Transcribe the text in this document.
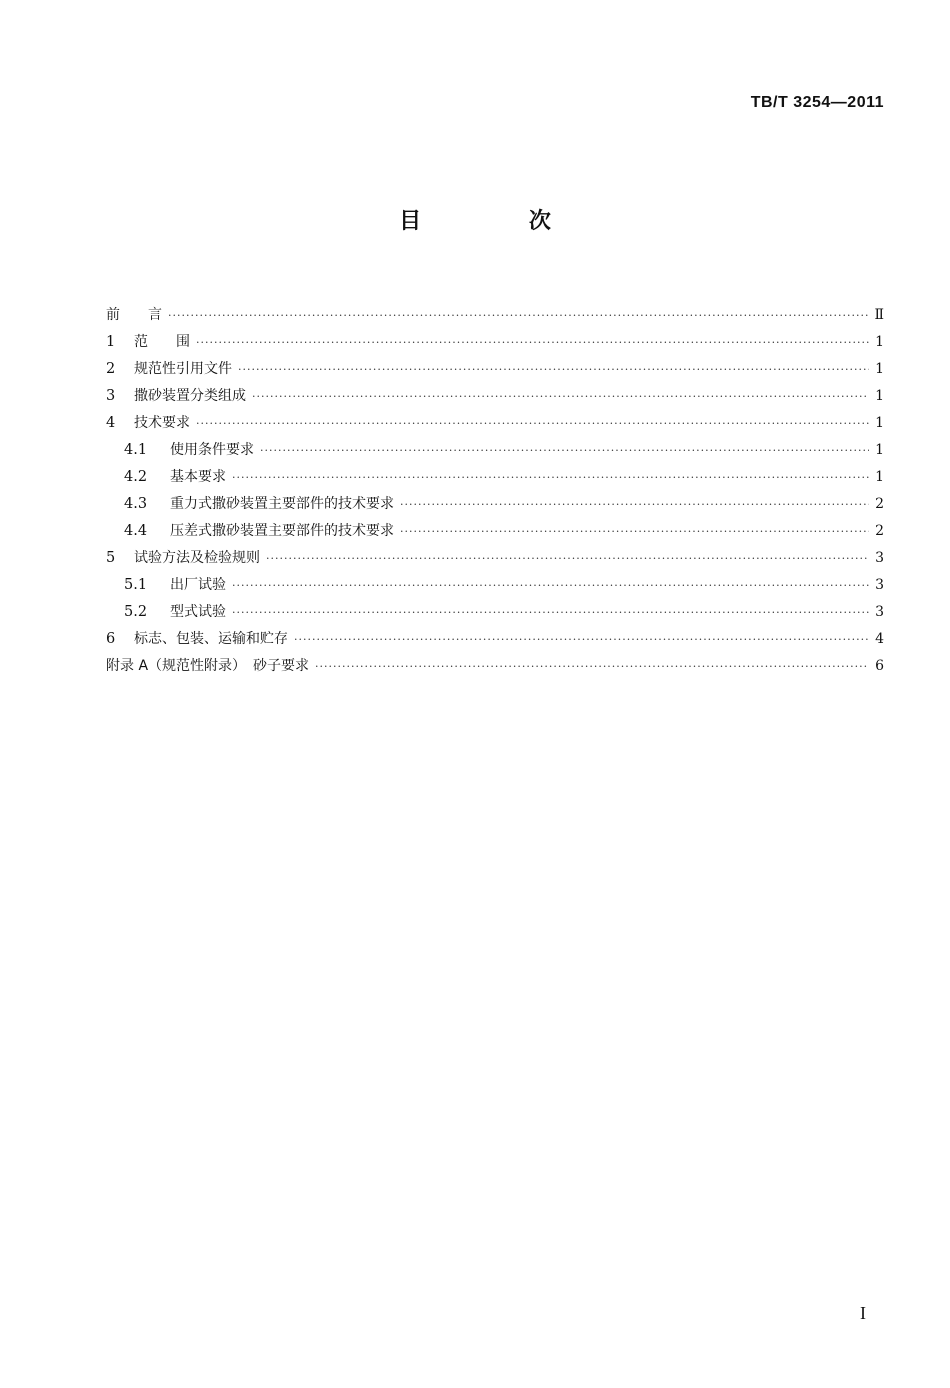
TB/T 3254—2011
目 次
前　　言 ·····	Ⅱ
1	范　　围 ·····	1
2	规范性引用文件 ·····	1
3	撒砂装置分类组成 ·····	1
4	技术要求 ·····	1
4.1	使用条件要求 ·····	1
4.2	基本要求 ·····	1
4.3	重力式撒砂装置主要部件的技术要求 ·····	2
4.4	压差式撒砂装置主要部件的技术要求 ·····	2
5	试验方法及检验规则 ·····	3
5.1	出厂试验 ·····	3
5.2	型式试验 ·····	3
6	标志、包装、运输和贮存 ·····	4
附录 A（规范性附录）　砂子要求 ·····	6
I
